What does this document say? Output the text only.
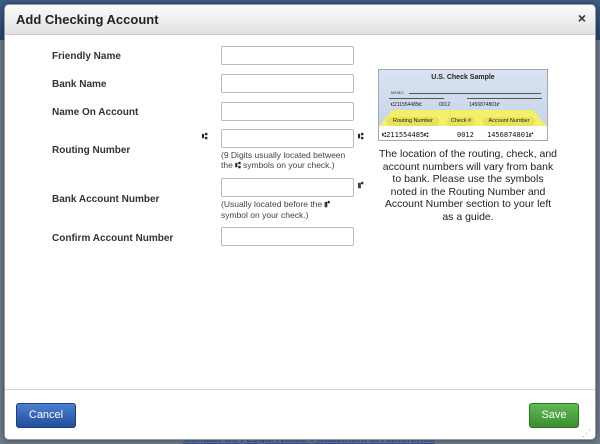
Add Checking Account	×
Friendly Name
Bank Name
Name On Account
Routing Number
⑆	⑆
(9 Digits usually located between
the ⑆ symbols on your check.)
Bank Account Number
⑈
(Usually located before the ⑈
symbol on your check.)
Confirm Account Number
U.S. Check Sample
MEMO
⑆211554485⑆	0012	1456874801⑈
Routing Number	Check #	Account Number
⑆211554485⑆	0012 1456874801⑈
The location of the routing, check, and account numbers will vary from bank to bank. Please use the symbols noted in the Routing Number and Account Number section to your left as a guide.
Cancel	Save
⋰
